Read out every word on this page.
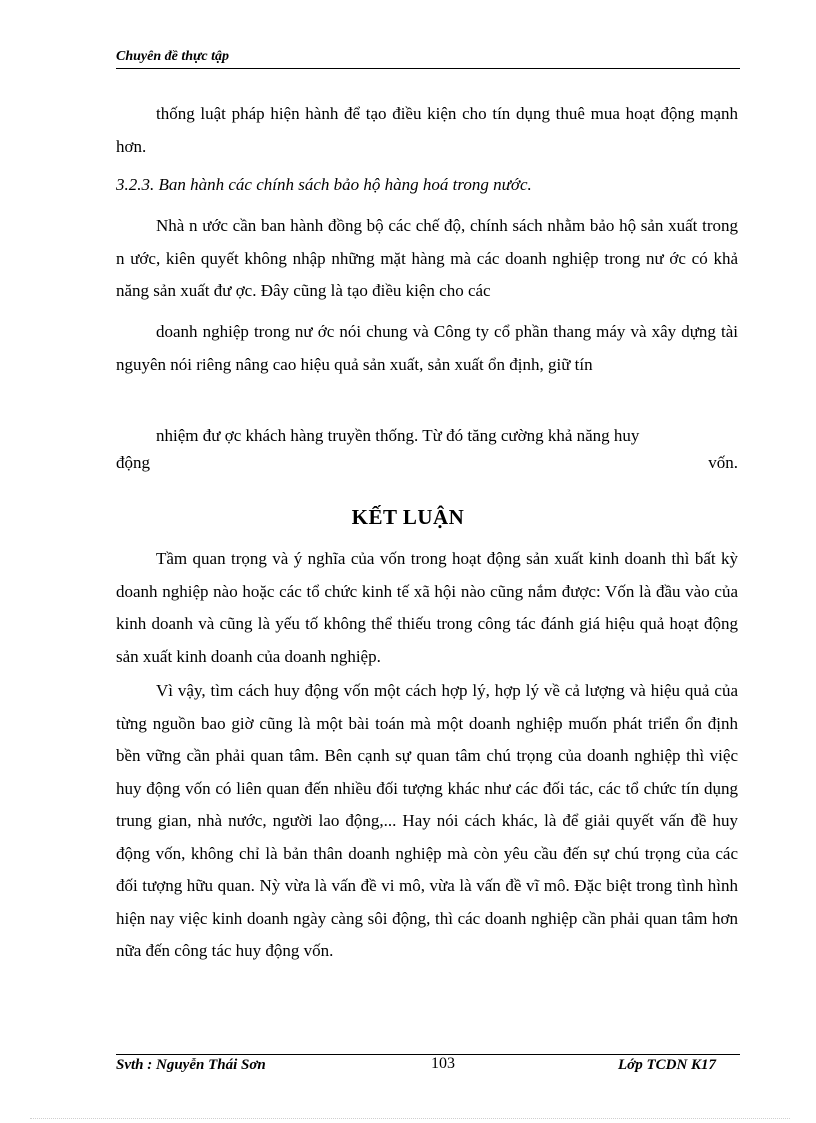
Chuyên đề thực tập

thống luật pháp hiện hành để tạo điều kiện cho tín dụng thuê mua hoạt động mạnh hơn.

3.2.3. Ban hành các chính sách bảo hộ hàng hoá trong nước.

Nhà n ước cần ban hành đồng bộ các chế độ, chính sách nhằm bảo hộ sản xuất trong n ước, kiên quyết không nhập những mặt hàng mà các doanh nghiệp trong nư ớc có khả năng sản xuất đư ợc. Đây cũng là tạo điều kiện cho các

doanh nghiệp trong nư ớc nói chung và Công ty cổ phần thang máy và xây dựng tài nguyên nói riêng nâng cao hiệu quả sản xuất, sản xuất ổn định, giữ tín

nhiệm đư ợc khách hàng truyền thống. Từ đó tăng cường khả năng huy
động	vốn.
KẾT LUẬN

Tầm quan trọng và ý nghĩa của vốn trong hoạt động sản xuất kinh doanh thì bất kỳ doanh nghiệp nào hoặc các tổ chức kinh tế xã hội nào cũng nắm được: Vốn là đầu vào của kinh doanh và cũng là yếu tố không thể thiếu trong công tác đánh giá hiệu quả hoạt động sản xuất kinh doanh của doanh nghiệp.

Vì vậy, tìm cách huy động vốn một cách hợp lý, hợp lý về cả lượng và hiệu quả của từng nguồn bao giờ cũng là một bài toán mà một doanh nghiệp muốn phát triển ổn định bền vững cần phải quan tâm. Bên cạnh sự quan tâm chú trọng của doanh nghiệp thì việc huy động vốn có liên quan đến nhiều đối tượng khác như các đối tác, các tổ chức tín dụng trung gian, nhà nước, người lao động,... Hay nói cách khác, là để giải quyết vấn đề huy động vốn, không chỉ là bản thân doanh nghiệp mà còn yêu cầu đến sự chú trọng của các đối tượng hữu quan. Nỳ vừa là vấn đề vi mô, vừa là vấn đề vĩ mô. Đặc biệt trong tình hình hiện nay việc kinh doanh ngày càng sôi động, thì các doanh nghiệp cần phải quan tâm hơn nữa đến công tác huy động vốn.

Svth : Nguyễn Thái Sơn	103	Lớp TCDN K17
